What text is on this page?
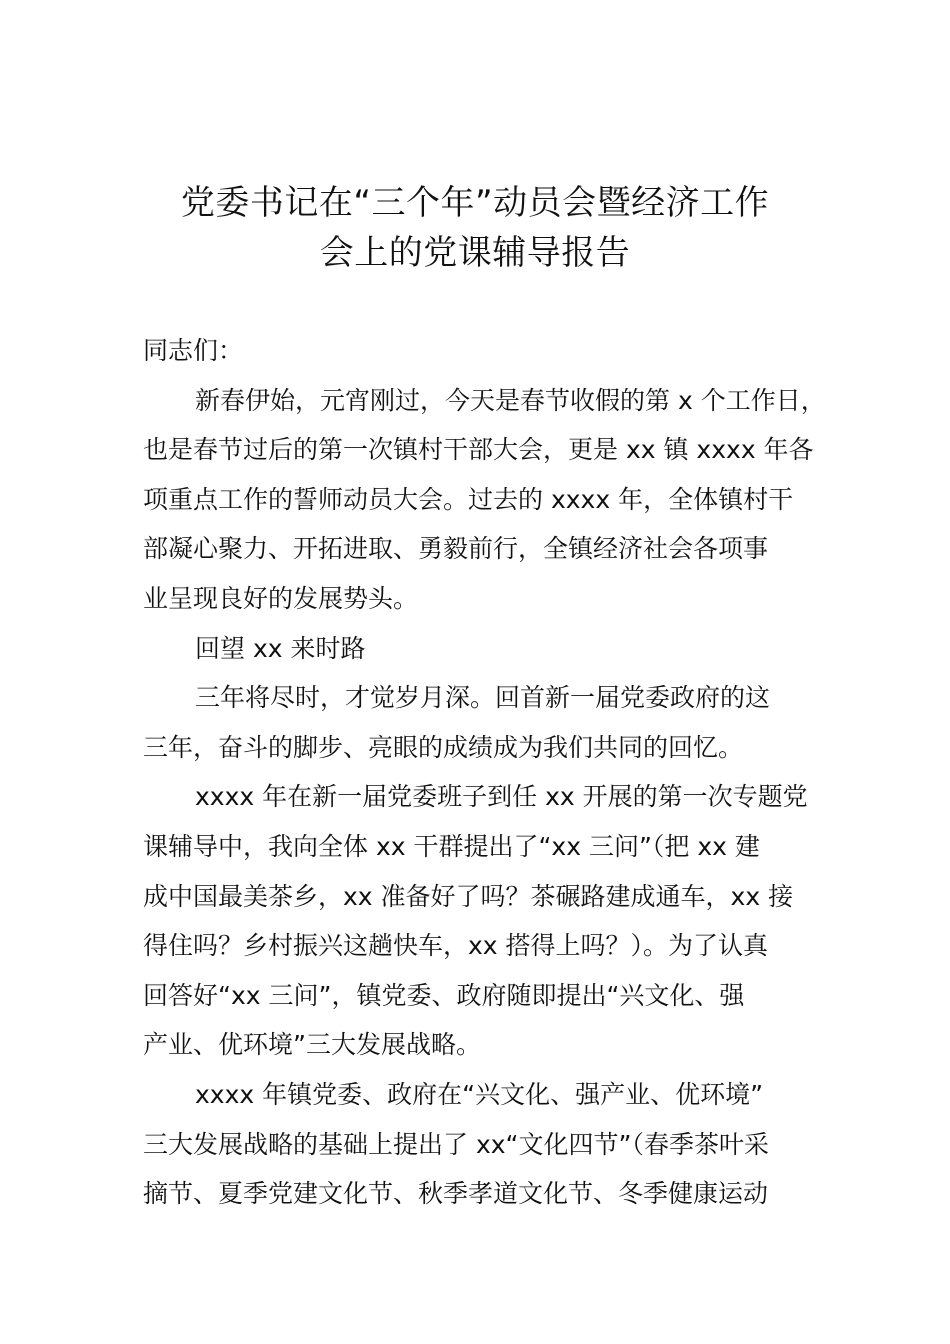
党委书记在“三个年”动员会暨经济工作
会上的党课辅导报告
同志们：
新春伊始，元宵刚过，今天是春节收假的第 x 个工作日，
也是春节过后的第一次镇村干部大会，更是 xx 镇 xxxx 年各
项重点工作的誓师动员大会。过去的 xxxx 年，全体镇村干
部凝心聚力、开拓进取、勇毅前行，全镇经济社会各项事
业呈现良好的发展势头。
回望 xx 来时路
三年将尽时，才觉岁月深。回首新一届党委政府的这
三年，奋斗的脚步、亮眼的成绩成为我们共同的回忆。
xxxx 年在新一届党委班子到任 xx 开展的第一次专题党
课辅导中，我向全体 xx 干群提出了“xx 三问”（把 xx 建
成中国最美茶乡，xx 准备好了吗？茶碾路建成通车，xx 接
得住吗？乡村振兴这趟快车，xx 搭得上吗？）。为了认真
回答好“xx 三问”，镇党委、政府随即提出“兴文化、强
产业、优环境”三大发展战略。
xxxx 年镇党委、政府在“兴文化、强产业、优环境”
三大发展战略的基础上提出了 xx“文化四节”（春季茶叶采
摘节、夏季党建文化节、秋季孝道文化节、冬季健康运动
